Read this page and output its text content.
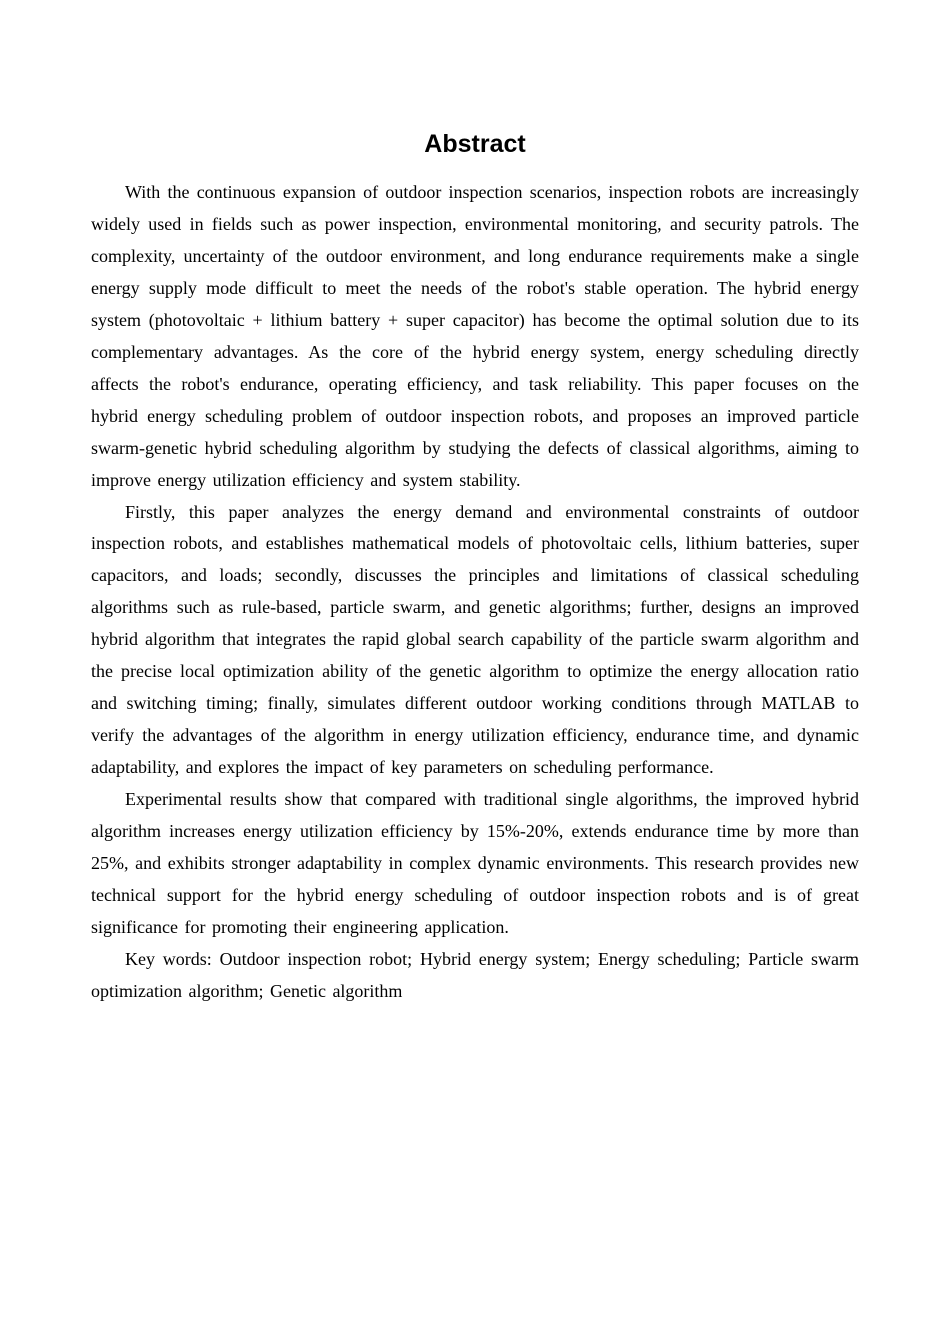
Abstract

With the continuous expansion of outdoor inspection scenarios, inspection robots are increasingly widely used in fields such as power inspection, environmental monitoring, and security patrols. The complexity, uncertainty of the outdoor environment, and long endurance requirements make a single energy supply mode difficult to meet the needs of the robot's stable operation. The hybrid energy system (photovoltaic + lithium battery + super capacitor) has become the optimal solution due to its complementary advantages. As the core of the hybrid energy system, energy scheduling directly affects the robot's endurance, operating efficiency, and task reliability. This paper focuses on the hybrid energy scheduling problem of outdoor inspection robots, and proposes an improved particle swarm-genetic hybrid scheduling algorithm by studying the defects of classical algorithms, aiming to improve energy utilization efficiency and system stability.

Firstly, this paper analyzes the energy demand and environmental constraints of outdoor inspection robots, and establishes mathematical models of photovoltaic cells, lithium batteries, super capacitors, and loads; secondly, discusses the principles and limitations of classical scheduling algorithms such as rule-based, particle swarm, and genetic algorithms; further, designs an improved hybrid algorithm that integrates the rapid global search capability of the particle swarm algorithm and the precise local optimization ability of the genetic algorithm to optimize the energy allocation ratio and switching timing; finally, simulates different outdoor working conditions through MATLAB to verify the advantages of the algorithm in energy utilization efficiency, endurance time, and dynamic adaptability, and explores the impact of key parameters on scheduling performance.

Experimental results show that compared with traditional single algorithms, the improved hybrid algorithm increases energy utilization efficiency by 15%-20%, extends endurance time by more than 25%, and exhibits stronger adaptability in complex dynamic environments. This research provides new technical support for the hybrid energy scheduling of outdoor inspection robots and is of great significance for promoting their engineering application.

Key words: Outdoor inspection robot; Hybrid energy system; Energy scheduling; Particle swarm optimization algorithm; Genetic algorithm
